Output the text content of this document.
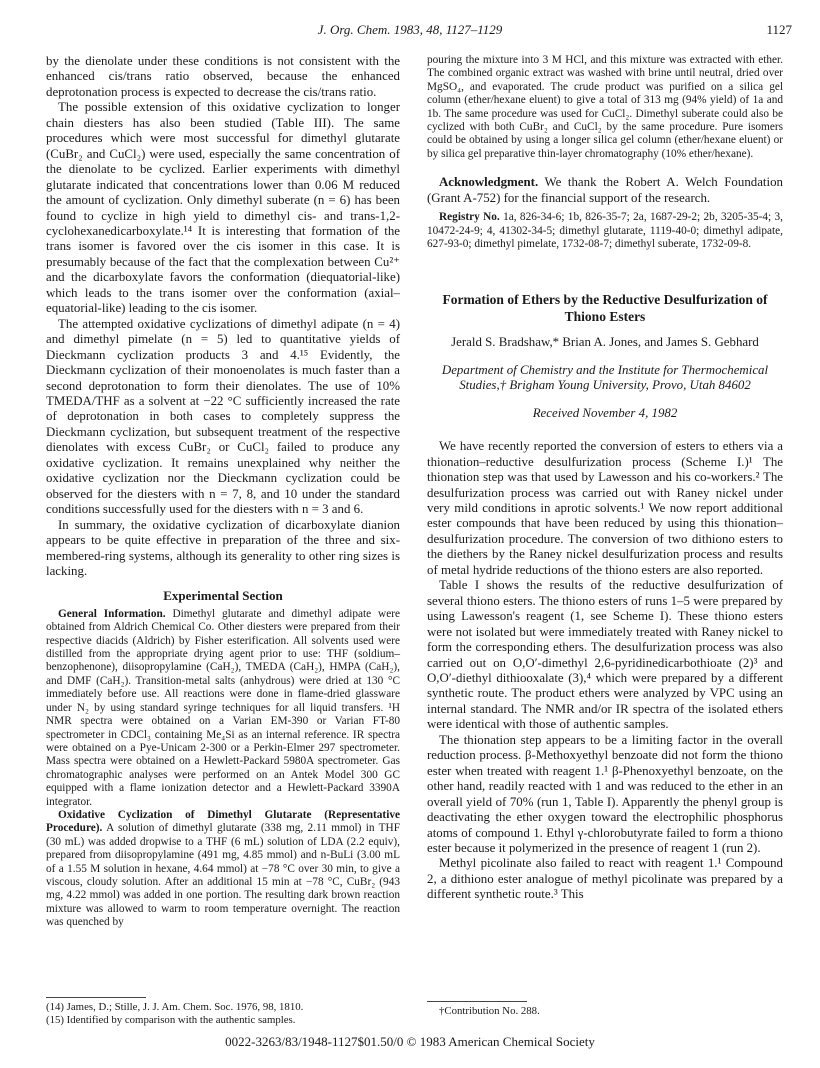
J. Org. Chem. 1983, 48, 1127–1129	1127

by the dienolate under these conditions is not consistent with the enhanced cis/trans ratio observed, because the enhanced deprotonation process is expected to decrease the cis/trans ratio.

The possible extension of this oxidative cyclization to longer chain diesters has also been studied (Table III). The same procedures which were most successful for dimethyl glutarate (CuBr₂ and CuCl₂) were used, especially the same concentration of the dienolate to be cyclized. Earlier experiments with dimethyl glutarate indicated that concentrations lower than 0.06 M reduced the amount of cyclization. Only dimethyl suberate (n = 6) has been found to cyclize in high yield to dimethyl cis- and trans-1,2-cyclohexanedicarboxylate.¹⁴ It is interesting that formation of the trans isomer is favored over the cis isomer in this case. It is presumably because of the fact that the complexation between Cu²⁺ and the dicarboxylate favors the conformation (diequatorial-like) which leads to the trans isomer over the conformation (axial–equatorial-like) leading to the cis isomer.

The attempted oxidative cyclizations of dimethyl adipate (n = 4) and dimethyl pimelate (n = 5) led to quantitative yields of Dieckmann cyclization products 3 and 4.¹⁵ Evidently, the Dieckmann cyclization of their monoenolates is much faster than a second deprotonation to form their dienolates. The use of 10% TMEDA/THF as a solvent at −22 °C sufficiently increased the rate of deprotonation in both cases to completely suppress the Dieckmann cyclization, but subsequent treatment of the respective dienolates with excess CuBr₂ or CuCl₂ failed to produce any oxidative cyclization. It remains unexplained why neither the oxidative cyclization nor the Dieckmann cyclization could be observed for the diesters with n = 7, 8, and 10 under the standard conditions successfully used for the diesters with n = 3 and 6.

In summary, the oxidative cyclization of dicarboxylate dianion appears to be quite effective in preparation of the three and six-membered-ring systems, although its generality to other ring sizes is lacking.

Experimental Section

General Information. Dimethyl glutarate and dimethyl adipate were obtained from Aldrich Chemical Co. Other diesters were prepared from their respective diacids (Aldrich) by Fisher esterification. All solvents used were distilled from the appropriate drying agent prior to use: THF (soldium–benzophenone), diisopropylamine (CaH₂), TMEDA (CaH₂), HMPA (CaH₂), and DMF (CaH₂). Transition-metal salts (anhydrous) were dried at 130 °C immediately before use. All reactions were done in flame-dried glassware under N₂ by using standard syringe techniques for all liquid transfers. ¹H NMR spectra were obtained on a Varian EM-390 or Varian FT-80 spectrometer in CDCl₃ containing Me₄Si as an internal reference. IR spectra were obtained on a Pye-Unicam 2-300 or a Perkin-Elmer 297 spectrometer. Mass spectra were obtained on a Hewlett-Packard 5980A spectrometer. Gas chromatographic analyses were performed on an Antek Model 300 GC equipped with a flame ionization detector and a Hewlett-Packard 3390A integrator.

Oxidative Cyclization of Dimethyl Glutarate (Representative Procedure). A solution of dimethyl glutarate (338 mg, 2.11 mmol) in THF (30 mL) was added dropwise to a THF (6 mL) solution of LDA (2.2 equiv), prepared from diisopropylamine (491 mg, 4.85 mmol) and n-BuLi (3.00 mL of a 1.55 M solution in hexane, 4.64 mmol) at −78 °C over 30 min, to give a viscous, cloudy solution. After an additional 15 min at −78 °C, CuBr₂ (943 mg, 4.22 mmol) was added in one portion. The resulting dark brown reaction mixture was allowed to warm to room temperature overnight. The reaction was quenched by

(14) James, D.; Stille, J. J. Am. Chem. Soc. 1976, 98, 1810.
(15) Identified by comparison with the authentic samples.

pouring the mixture into 3 M HCl, and this mixture was extracted with ether. The combined organic extract was washed with brine until neutral, dried over MgSO₄, and evaporated. The crude product was purified on a silica gel column (ether/hexane eluent) to give a total of 313 mg (94% yield) of 1a and 1b. The same procedure was used for CuCl₂. Dimethyl suberate could also be cyclized with both CuBr₂ and CuCl₂ by the same procedure. Pure isomers could be obtained by using a longer silica gel column (ether/hexane eluent) or by silica gel preparative thin-layer chromatography (10% ether/hexane).

Acknowledgment. We thank the Robert A. Welch Foundation (Grant A-752) for the financial support of the research.

Registry No. 1a, 826-34-6; 1b, 826-35-7; 2a, 1687-29-2; 2b, 3205-35-4; 3, 10472-24-9; 4, 41302-34-5; dimethyl glutarate, 1119-40-0; dimethyl adipate, 627-93-0; dimethyl pimelate, 1732-08-7; dimethyl suberate, 1732-09-8.

Formation of Ethers by the Reductive Desulfurization of Thiono Esters
Jerald S. Bradshaw,* Brian A. Jones, and James S. Gebhard
Department of Chemistry and the Institute for Thermochemical Studies,† Brigham Young University, Provo, Utah 84602
Received November 4, 1982

We have recently reported the conversion of esters to ethers via a thionation–reductive desulfurization process (Scheme I.)¹ The thionation step was that used by Lawesson and his co-workers.² The desulfurization process was carried out with Raney nickel under very mild conditions in aprotic solvents.¹ We now report additional ester compounds that have been reduced by using this thionation–desulfurization procedure. The conversion of two dithiono esters to the diethers by the Raney nickel desulfurization process and results of metal hydride reductions of the thiono esters are also reported.

Table I shows the results of the reductive desulfurization of several thiono esters. The thiono esters of runs 1–5 were prepared by using Lawesson's reagent (1, see Scheme I). These thiono esters were not isolated but were immediately treated with Raney nickel to form the corresponding ethers. The desulfurization process was also carried out on O,O′-dimethyl 2,6-pyridinedicarbothioate (2)³ and O,O′-diethyl dithiooxalate (3),⁴ which were prepared by a different synthetic route. The product ethers were analyzed by VPC using an internal standard. The NMR and/or IR spectra of the isolated ethers were identical with those of authentic samples.

The thionation step appears to be a limiting factor in the overall reduction process. β-Methoxyethyl benzoate did not form the thiono ester when treated with reagent 1.¹ β-Phenoxyethyl benzoate, on the other hand, readily reacted with 1 and was reduced to the ether in an overall yield of 70% (run 1, Table I). Apparently the phenyl group is deactivating the ether oxygen toward the electrophilic phosphorus atoms of compound 1. Ethyl γ-chlorobutyrate failed to form a thiono ester because it polymerized in the presence of reagent 1 (run 2).

Methyl picolinate also failed to react with reagent 1.¹ Compound 2, a dithiono ester analogue of methyl picolinate was prepared by a different synthetic route.³ This

†Contribution No. 288.
0022-3263/83/1948-1127$01.50/0 © 1983 American Chemical Society
